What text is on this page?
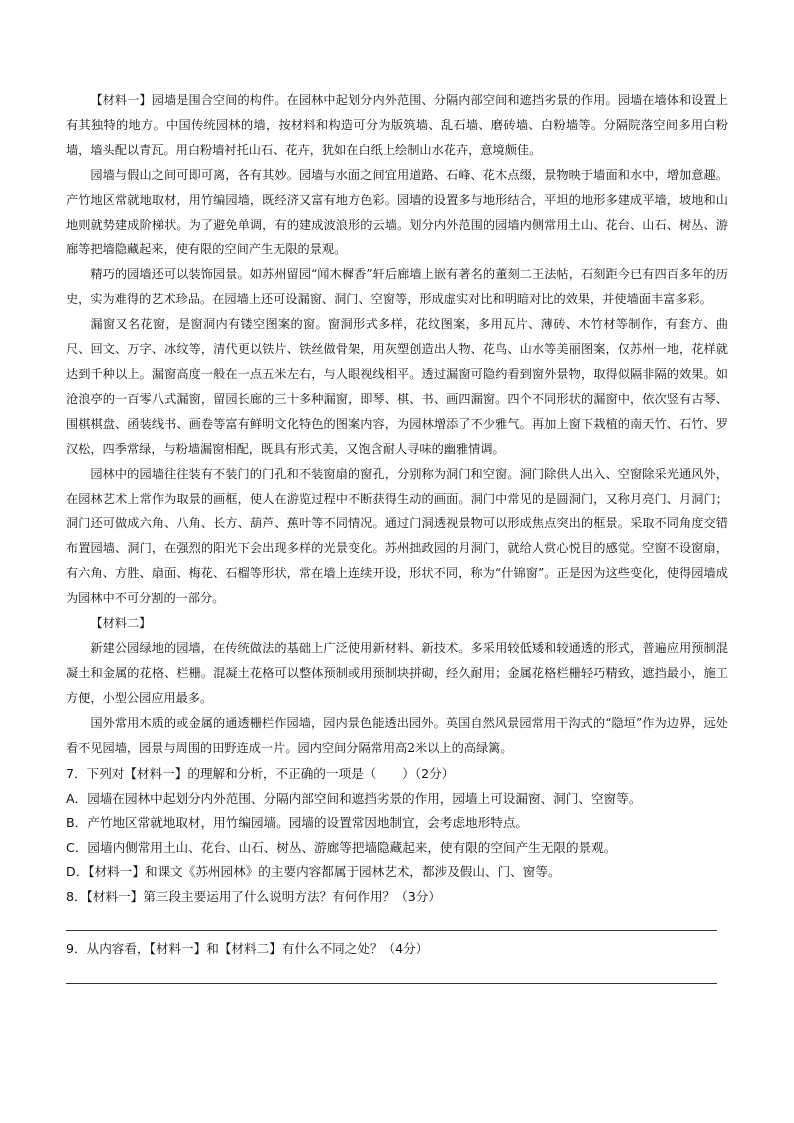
【材料一】园墙是围合空间的构件。在园林中起划分内外范围、分隔内部空间和遮挡劣景的作用。园墙在墙体和设置上有其独特的地方。中国传统园林的墙，按材料和构造可分为版筑墙、乱石墙、磨砖墙、白粉墙等。分隔院落空间多用白粉墙，墙头配以青瓦。用白粉墙衬托山石、花卉，犹如在白纸上绘制山水花卉，意境颇佳。

园墙与假山之间可即可离，各有其妙。园墙与水面之间宜用道路、石峰、花木点缀，景物映于墙面和水中，增加意趣。产竹地区常就地取材，用竹编园墙，既经济又富有地方色彩。园墙的设置多与地形结合，平坦的地形多建成平墙，坡地和山地则就势建成阶梯状。为了避免单调，有的建成波浪形的云墙。划分内外范围的园墙内侧常用土山、花台、山石、树丛、游廊等把墙隐藏起来，使有限的空间产生无限的景观。

精巧的园墙还可以装饰园景。如苏州留园“闻木樨香”轩后廊墙上嵌有著名的董刻二王法帖，石刻距今已有四百多年的历史，实为难得的艺术珍品。在园墙上还可设漏窗、洞门、空窗等，形成虚实对比和明暗对比的效果，并使墙面丰富多彩。

漏窗又名花窗，是窗洞内有镂空图案的窗。窗洞形式多样，花纹图案，多用瓦片、薄砖、木竹材等制作，有套方、曲尺、回文、万字、冰纹等，清代更以铁片、铁丝做骨架，用灰塑创造出人物、花鸟、山水等美丽图案，仅苏州一地，花样就达到千种以上。漏窗高度一般在一点五米左右，与人眼视线相平。透过漏窗可隐约看到窗外景物，取得似隔非隔的效果。如沧浪亭的一百零八式漏窗，留园长廊的三十多种漏窗，即琴、棋、书、画四漏窗。四个不同形状的漏窗中，依次竖有古琴、围棋棋盘、函装线书、画卷等富有鲜明文化特色的图案内容，为园林增添了不少雅气。再加上窗下栽植的南天竹、石竹、罗汉松，四季常绿，与粉墙漏窗相配，既具有形式美，又饱含耐人寻味的幽雅情调。

园林中的园墙往往装有不装门的门孔和不装窗扇的窗孔，分别称为洞门和空窗。洞门除供人出入、空窗除采光通风外，在园林艺术上常作为取景的画框，使人在游览过程中不断获得生动的画面。洞门中常见的是圆洞门，又称月亮门、月洞门；洞门还可做成六角、八角、长方、葫芦、蕉叶等不同情况。通过门洞透视景物可以形成焦点突出的框景。采取不同角度交错布置园墙、洞门，在强烈的阳光下会出现多样的光景变化。苏州拙政园的月洞门，就给人赏心悦目的感觉。空窗不设窗扇，有六角、方胜、扇面、梅花、石榴等形状，常在墙上连续开设，形状不同，称为“什锦窗”。正是因为这些变化，使得园墙成为园林中不可分割的一部分。

【材料二】

新建公园绿地的园墙，在传统做法的基础上广泛使用新材料、新技术。多采用较低矮和较通透的形式，普遍应用预制混凝土和金属的花格、栏栅。混凝土花格可以整体预制或用预制块拼砌，经久耐用；金属花格栏栅轻巧精致，遮挡最小，施工方便，小型公园应用最多。

国外常用木质的或金属的通透栅栏作园墙，园内景色能透出园外。英国自然风景园常用干沟式的“隐垣”作为边界，远处看不见园墙，园景与周围的田野连成一片。园内空间分隔常用高2米以上的高绿篱。

7．下列对【材料一】的理解和分析，不正确的一项是（ ）（2分）

A．园墙在园林中起划分内外范围、分隔内部空间和遮挡劣景的作用，园墙上可设漏窗、洞门、空窗等。

B．产竹地区常就地取材，用竹编园墙。园墙的设置常因地制宜，会考虑地形特点。

C．园墙内侧常用土山、花台、山石、树丛、游廊等把墙隐藏起来，使有限的空间产生无限的景观。

D．【材料一】和课文《苏州园林》的主要内容都属于园林艺术，都涉及假山、门、窗等。

8．【材料一】第三段主要运用了什么说明方法？有何作用？（3分）

9．从内容看，【材料一】和【材料二】有什么不同之处？（4分）
